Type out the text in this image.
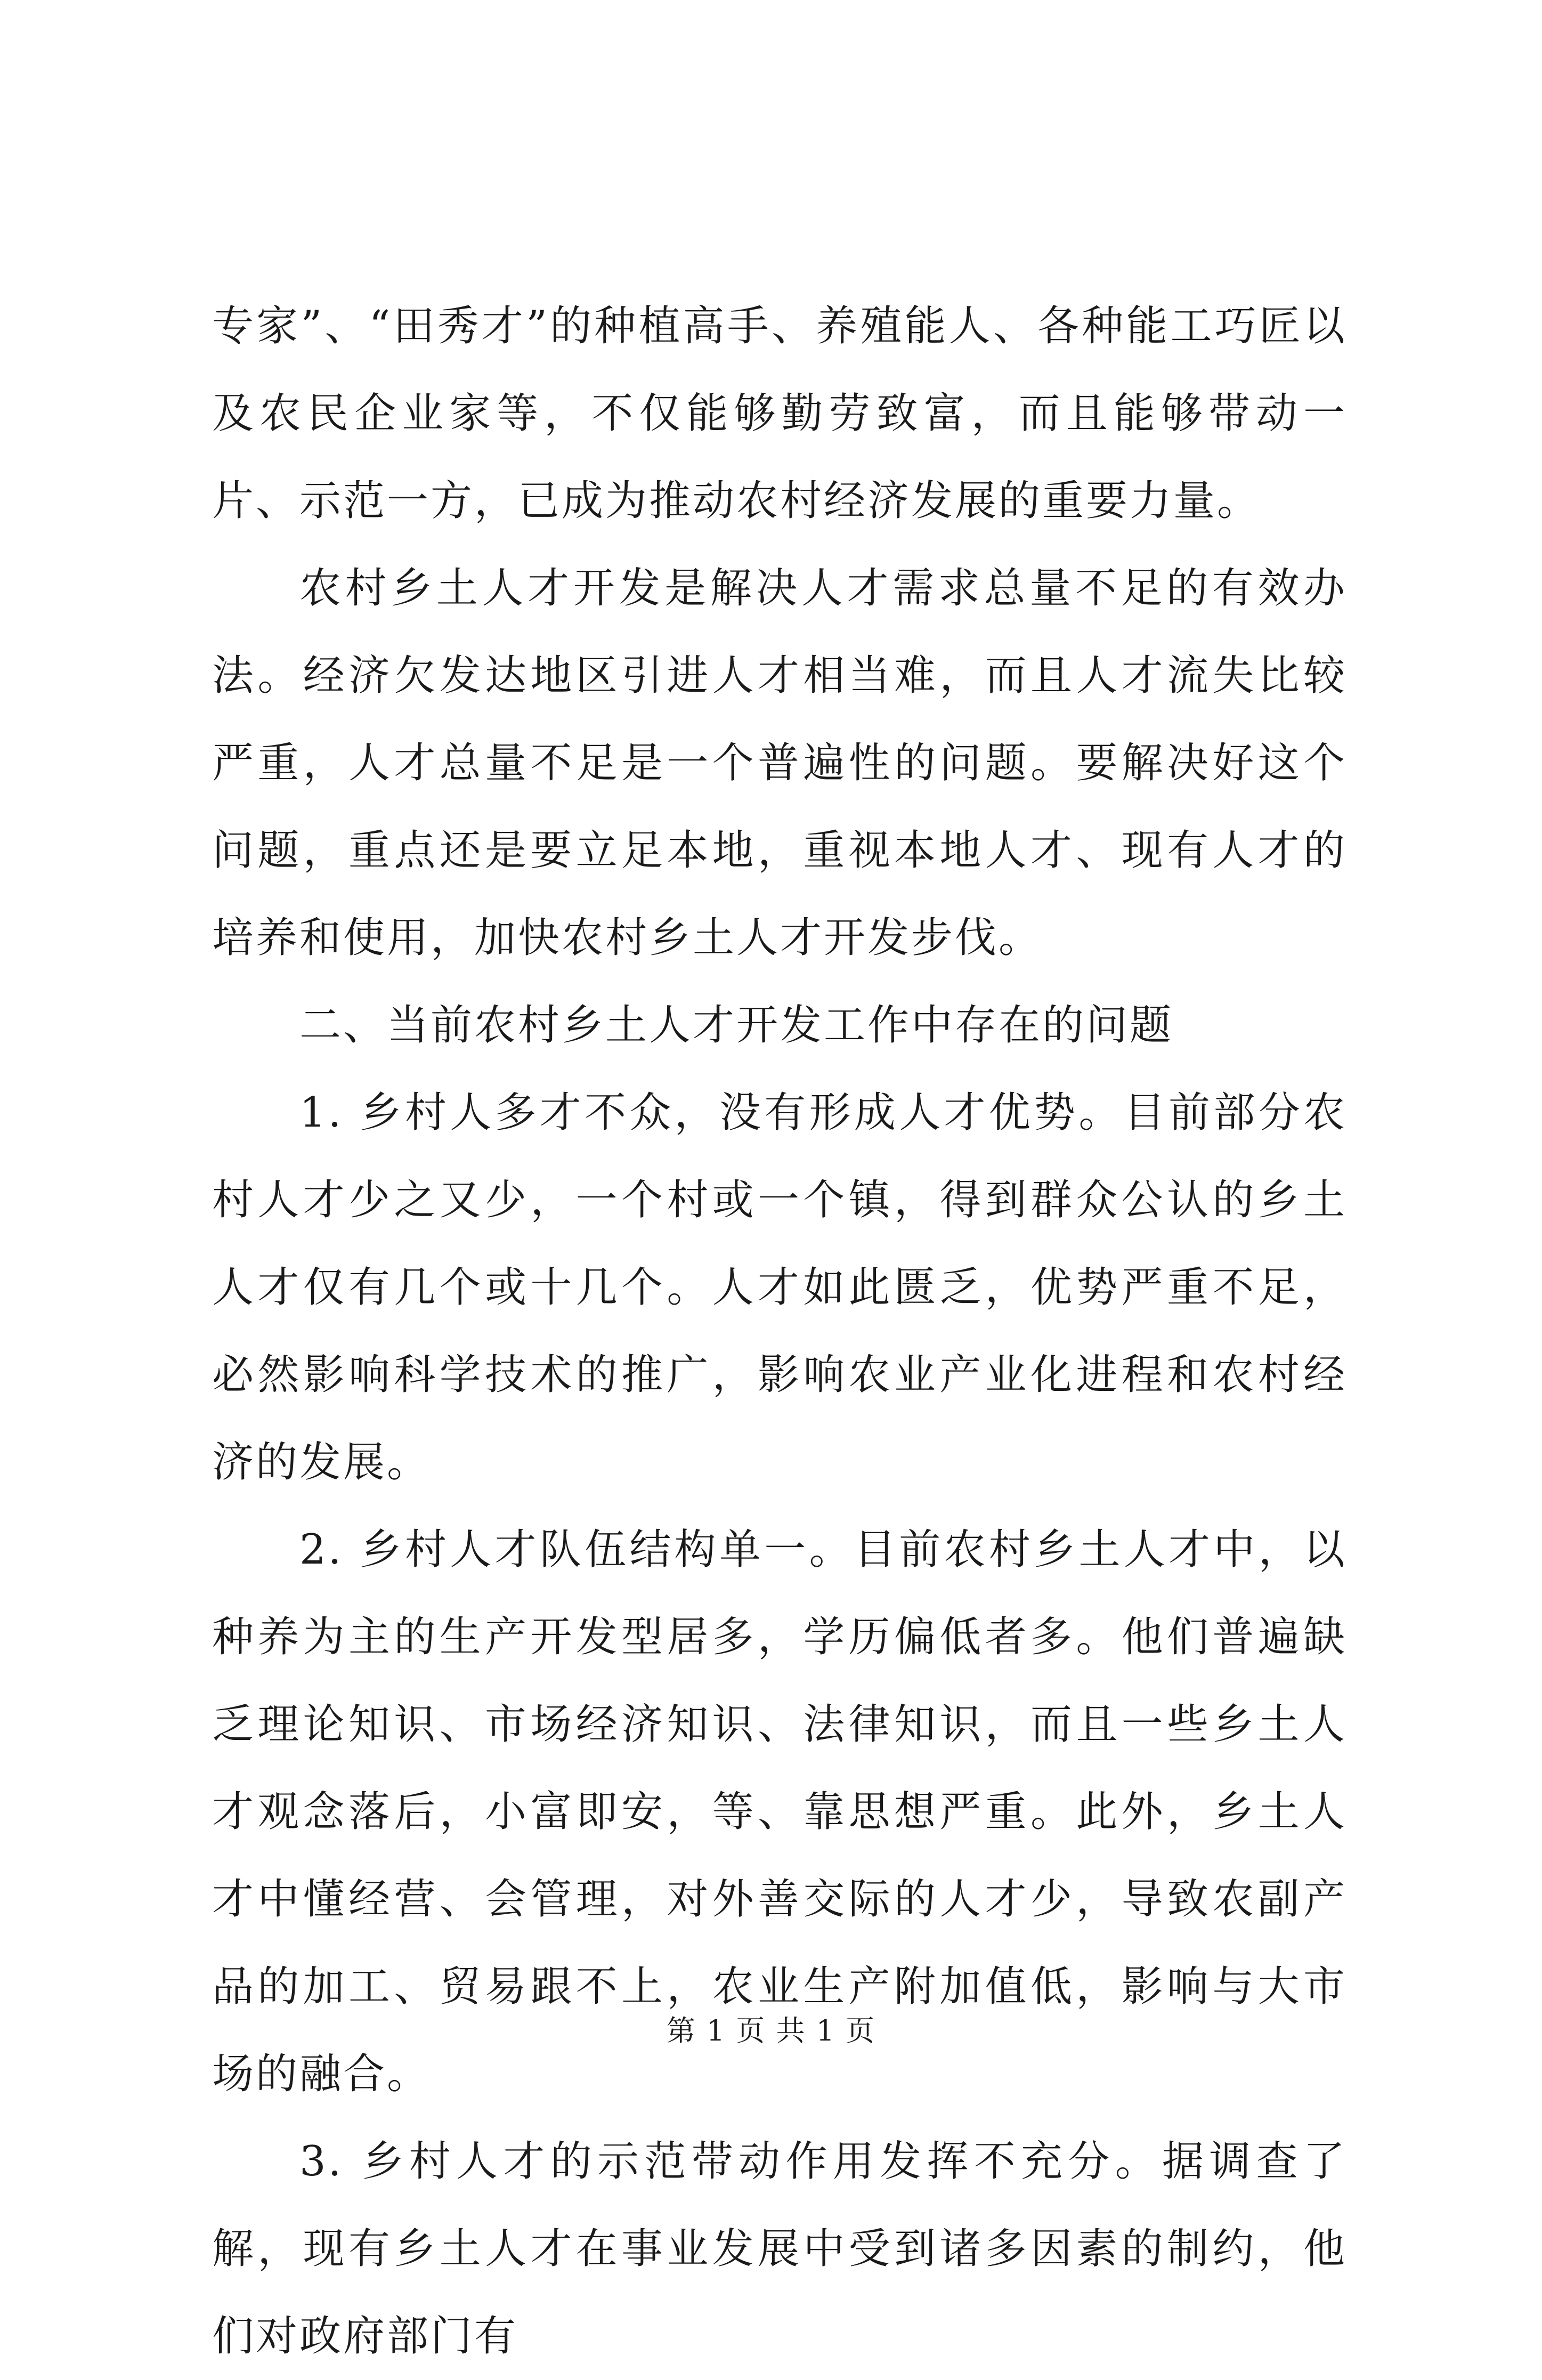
专家”、“田秀才”的种植高手、养殖能人、各种能工巧匠以及农民企业家等，不仅能够勤劳致富，而且能够带动一片、示范一方，已成为推动农村经济发展的重要力量。

农村乡土人才开发是解决人才需求总量不足的有效办法。经济欠发达地区引进人才相当难，而且人才流失比较严重，人才总量不足是一个普遍性的问题。要解决好这个问题，重点还是要立足本地，重视本地人才、现有人才的培养和使用，加快农村乡土人才开发步伐。

二、当前农村乡土人才开发工作中存在的问题

1. 乡村人多才不众，没有形成人才优势。目前部分农村人才少之又少，一个村或一个镇，得到群众公认的乡土人才仅有几个或十几个。人才如此匮乏，优势严重不足，必然影响科学技术的推广，影响农业产业化进程和农村经济的发展。

2. 乡村人才队伍结构单一。目前农村乡土人才中，以种养为主的生产开发型居多，学历偏低者多。他们普遍缺乏理论知识、市场经济知识、法律知识，而且一些乡土人才观念落后，小富即安，等、靠思想严重。此外，乡土人才中懂经营、会管理，对外善交际的人才少，导致农副产品的加工、贸易跟不上，农业生产附加值低，影响与大市场的融合。

3. 乡村人才的示范带动作用发挥不充分。据调查了解，现有乡土人才在事业发展中受到诸多因素的制约，他们对政府部门有

第 1 页 共 1 页
